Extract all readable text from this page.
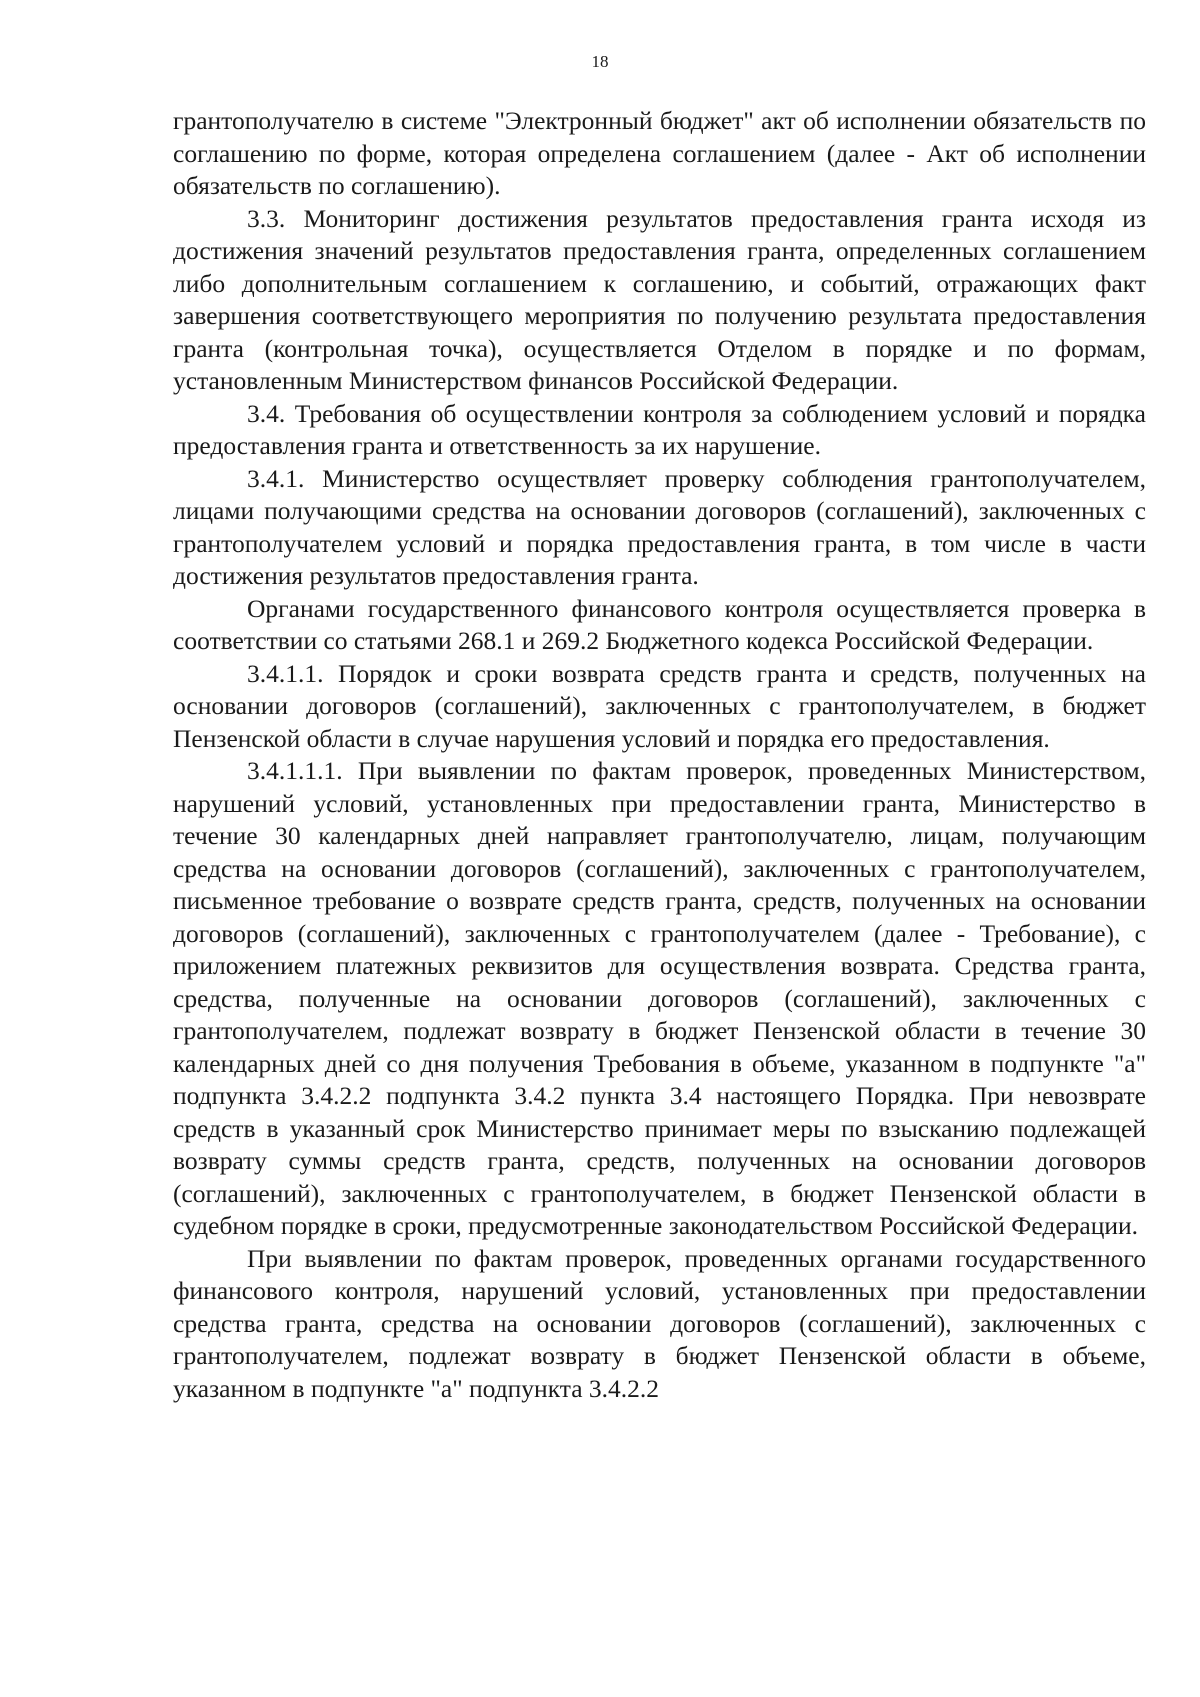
18

грантополучателю в системе "Электронный бюджет" акт об исполнении обязательств по соглашению по форме, которая определена соглашением (далее - Акт об исполнении обязательств по соглашению).

3.3. Мониторинг достижения результатов предоставления гранта исходя из достижения значений результатов предоставления гранта, определенных соглашением либо дополнительным соглашением к соглашению, и событий, отражающих факт завершения соответствующего мероприятия по получению результата предоставления гранта (контрольная точка), осуществляется Отделом в порядке и по формам, установленным Министерством финансов Российской Федерации.

3.4. Требования об осуществлении контроля за соблюдением условий и порядка предоставления гранта и ответственность за их нарушение.

3.4.1. Министерство осуществляет проверку соблюдения грантополучателем, лицами получающими средства на основании договоров (соглашений), заключенных с грантополучателем условий и порядка предоставления гранта, в том числе в части достижения результатов предоставления гранта.

Органами государственного финансового контроля осуществляется проверка в соответствии со статьями 268.1 и 269.2 Бюджетного кодекса Российской Федерации.

3.4.1.1. Порядок и сроки возврата средств гранта и средств, полученных на основании договоров (соглашений), заключенных с грантополучателем, в бюджет Пензенской области в случае нарушения условий и порядка его предоставления.

3.4.1.1.1. При выявлении по фактам проверок, проведенных Министерством, нарушений условий, установленных при предоставлении гранта, Министерство в течение 30 календарных дней направляет грантополучателю, лицам, получающим средства на основании договоров (соглашений), заключенных с грантополучателем, письменное требование о возврате средств гранта, средств, полученных на основании договоров (соглашений), заключенных с грантополучателем (далее - Требование), с приложением платежных реквизитов для осуществления возврата. Средства гранта, средства, полученные на основании договоров (соглашений), заключенных с грантополучателем, подлежат возврату в бюджет Пензенской области в течение 30 календарных дней со дня получения Требования в объеме, указанном в подпункте "а" подпункта 3.4.2.2 подпункта 3.4.2 пункта 3.4 настоящего Порядка. При невозврате средств в указанный срок Министерство принимает меры по взысканию подлежащей возврату суммы средств гранта, средств, полученных на основании договоров (соглашений), заключенных с грантополучателем, в бюджет Пензенской области в судебном порядке в сроки, предусмотренные законодательством Российской Федерации.

При выявлении по фактам проверок, проведенных органами государственного финансового контроля, нарушений условий, установленных при предоставлении средства гранта, средства на основании договоров (соглашений), заключенных с грантополучателем, подлежат возврату в бюджет Пензенской области в объеме, указанном в подпункте "а" подпункта 3.4.2.2
